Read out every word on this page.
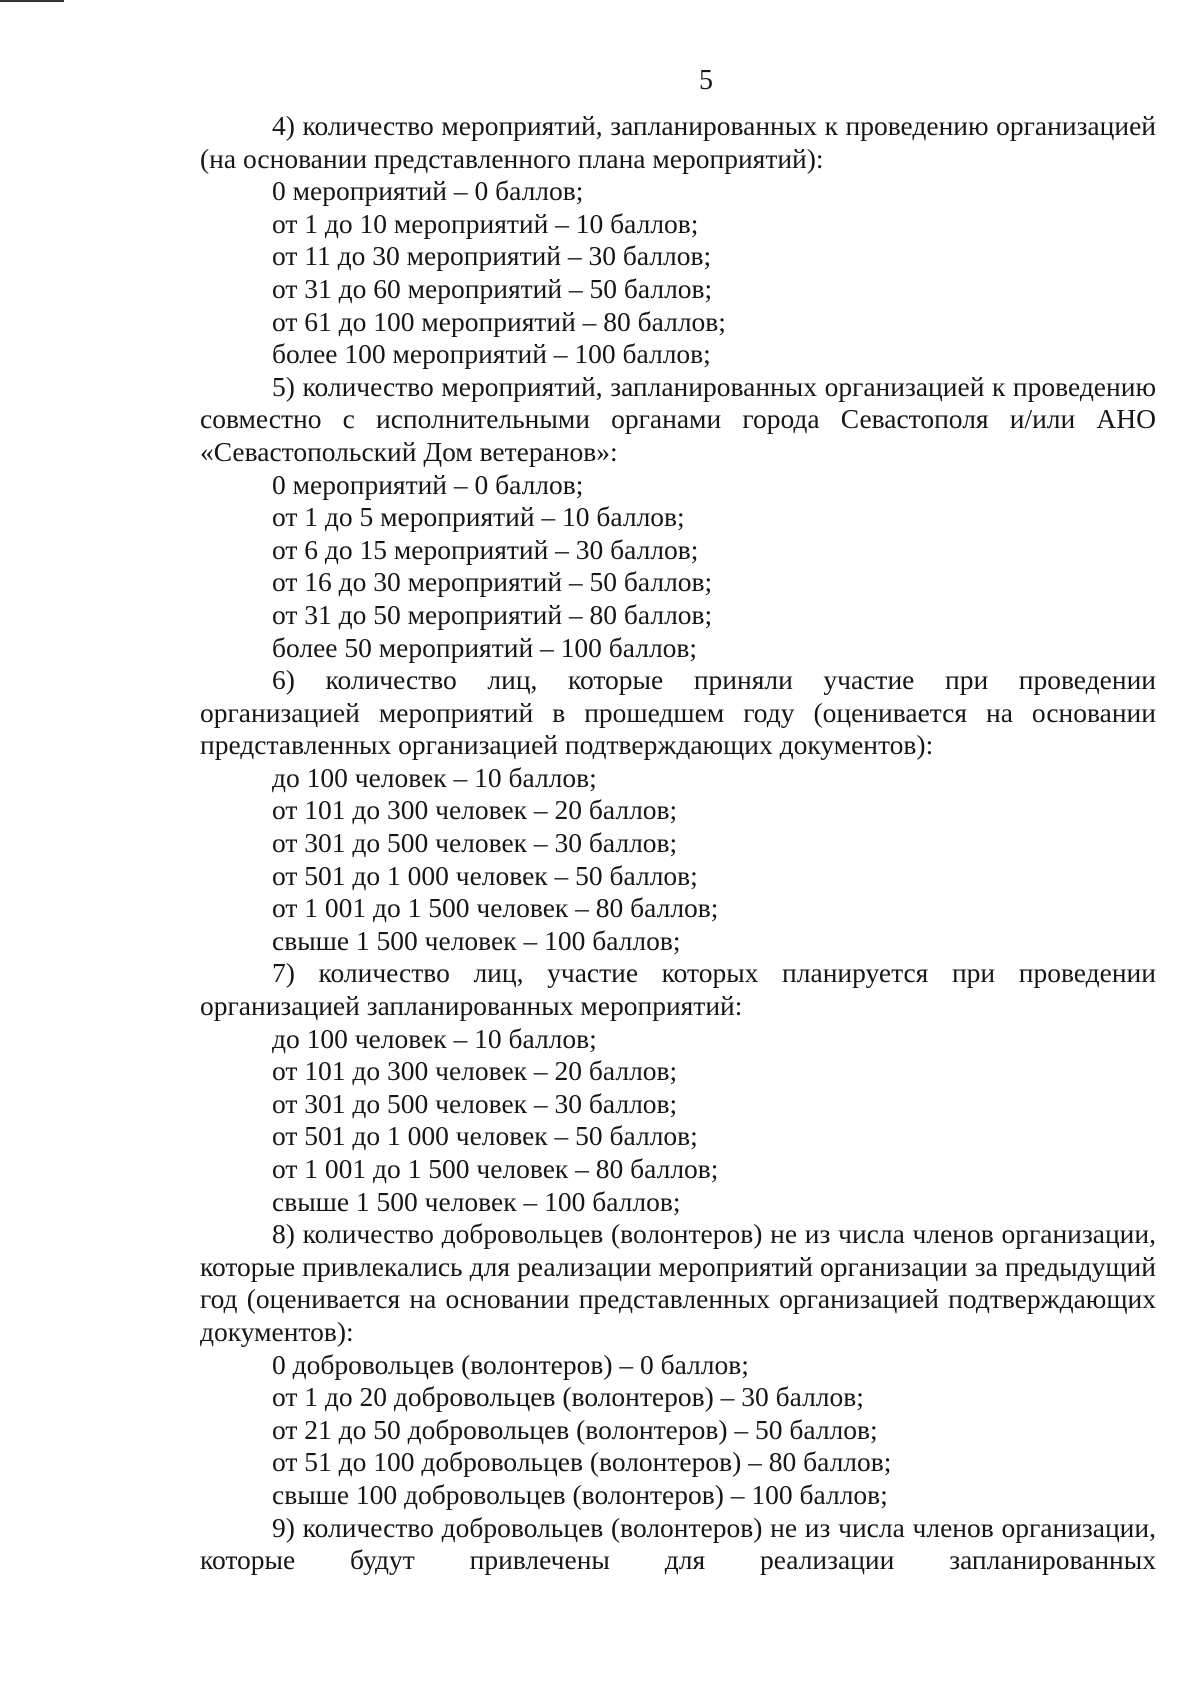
5

4) количество мероприятий, запланированных к проведению организацией (на основании представленного плана мероприятий):

0 мероприятий – 0 баллов;

от 1 до 10 мероприятий – 10 баллов;

от 11 до 30 мероприятий – 30 баллов;

от 31 до 60 мероприятий – 50 баллов;

от 61 до 100 мероприятий – 80 баллов;

более 100 мероприятий – 100 баллов;

5) количество мероприятий, запланированных организацией к проведению совместно с исполнительными органами города Севастополя и/или АНО «Севастопольский Дом ветеранов»:

0 мероприятий – 0 баллов;

от 1 до 5 мероприятий – 10 баллов;

от 6 до 15 мероприятий – 30 баллов;

от 16 до 30 мероприятий – 50 баллов;

от 31 до 50 мероприятий – 80 баллов;

более 50 мероприятий – 100 баллов;

6) количество лиц, которые приняли участие при проведении организацией мероприятий в прошедшем году (оценивается на основании представленных организацией подтверждающих документов):

до 100 человек – 10 баллов;

от 101 до 300 человек – 20 баллов;

от 301 до 500 человек – 30 баллов;

от 501 до 1 000 человек – 50 баллов;

от 1 001 до 1 500 человек – 80 баллов;

свыше 1 500 человек – 100 баллов;

7) количество лиц, участие которых планируется при проведении организацией запланированных мероприятий:

до 100 человек – 10 баллов;

от 101 до 300 человек – 20 баллов;

от 301 до 500 человек – 30 баллов;

от 501 до 1 000 человек – 50 баллов;

от 1 001 до 1 500 человек – 80 баллов;

свыше 1 500 человек – 100 баллов;

8) количество добровольцев (волонтеров) не из числа членов организации, которые привлекались для реализации мероприятий организации за предыдущий год (оценивается на основании представленных организацией подтверждающих документов):

0 добровольцев (волонтеров) – 0 баллов;

от 1 до 20 добровольцев (волонтеров) – 30 баллов;

от 21 до 50 добровольцев (волонтеров) – 50 баллов;

от 51 до 100 добровольцев (волонтеров) – 80 баллов;

свыше 100 добровольцев (волонтеров) – 100 баллов;

9) количество добровольцев (волонтеров) не из числа членов организации, которые будут привлечены для реализации запланированных
